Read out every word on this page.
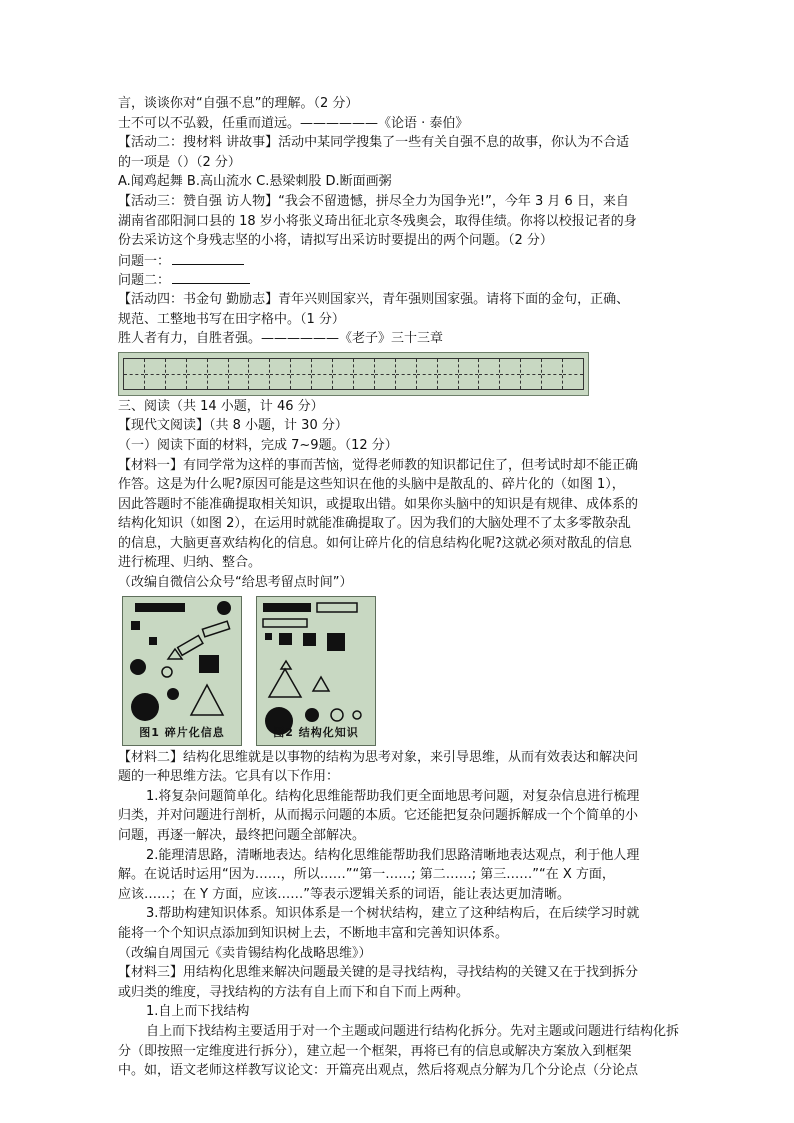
言，谈谈你对“自强不息”的理解。（2 分）
士不可以不弘毅，任重而道远。——————《论语 · 泰伯》
【活动二：搜材料 讲故事】活动中某同学搜集了一些有关自强不息的故事，你认为不合适
的一项是（）（2 分）
A.闻鸡起舞 B.高山流水 C.悬梁刺股 D.断面画粥
【活动三：赞自强 访人物】“我会不留遗憾，拼尽全力为国争光!”，今年 3 月 6 日，来自
湖南省邵阳洞口县的 18 岁小将张义琦出征北京冬残奥会，取得佳绩。你将以校报记者的身
份去采访这个身残志坚的小将，请拟写出采访时要提出的两个问题。（2 分）
问题一：
问题二：
【活动四：书金句 勤励志】青年兴则国家兴，青年强则国家强。请将下面的金句，正确、
规范、工整地书写在田字格中。（1 分）
胜人者有力，自胜者强。——————《老子》三十三章
三、阅读（共 14 小题，计 46 分）
【现代文阅读】（共 8 小题，计 30 分）
（一）阅读下面的材料，完成 7~9题。（12 分）
【材料一】有同学常为这样的事而苦恼，觉得老师教的知识都记住了，但考试时却不能正确
作答。这是为什么呢?原因可能是这些知识在他的头脑中是散乱的、碎片化的（如图 1），
因此答题时不能准确提取相关知识，或提取出错。如果你头脑中的知识是有规律、成体系的
结构化知识（如图 2），在运用时就能准确提取了。因为我们的大脑处理不了太多零散杂乱
的信息，大脑更喜欢结构化的信息。如何让碎片化的信息结构化呢?这就必须对散乱的信息
进行梳理、归纳、整合。
（改编自微信公众号“给思考留点时间”）
图1 碎片化信息	图2 结构化知识
【材料二】结构化思维就是以事物的结构为思考对象，来引导思维，从而有效表达和解决问
题的一种思维方法。它具有以下作用：
1.将复杂问题简单化。结构化思维能帮助我们更全面地思考问题，对复杂信息进行梳理
归类，并对问题进行剖析，从而揭示问题的本质。它还能把复杂问题拆解成一个个简单的小
问题，再逐一解决，最终把问题全部解决。
2.能理清思路，清晰地表达。结构化思维能帮助我们思路清晰地表达观点，利于他人理
解。在说话时运用“因为……，所以……”“第一……; 第二……; 第三……”“在 X 方面，
应该……；在 Y 方面，应该……”等表示逻辑关系的词语，能让表达更加清晰。
3.帮助构建知识体系。知识体系是一个树状结构，建立了这种结构后，在后续学习时就
能将一个个知识点添加到知识树上去，不断地丰富和完善知识体系。
（改编自周国元《卖肯锡结构化战略思维》）
【材料三】用结构化思维来解决问题最关键的是寻找结构，寻找结构的关键又在于找到拆分
或归类的维度，寻找结构的方法有自上而下和自下而上两种。
1.自上而下找结构
自上而下找结构主要适用于对一个主题或问题进行结构化拆分。先对主题或问题进行结构化拆
分（即按照一定维度进行拆分），建立起一个框架，再将已有的信息或解决方案放入到框架
中。如，语文老师这样教写议论文：开篇亮出观点，然后将观点分解为几个分论点（分论点
